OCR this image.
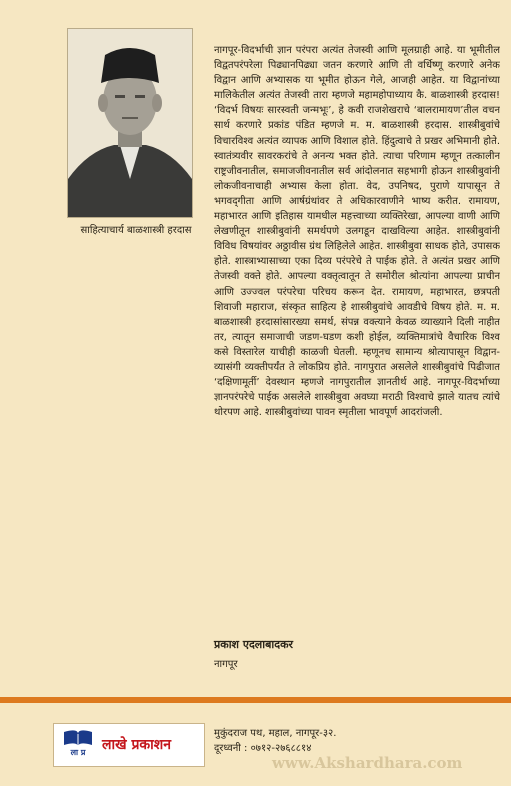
साहित्याचार्य बाळशास्त्री हरदास
नागपूर-विदर्भाची ज्ञान परंपरा अत्यंत तेजस्वी आणि मूलग्राही आहे. या भूमीतील विद्वतपरंपरेला पिढ्यानपिढ्या जतन करणारे आणि ती वर्धिष्णू करणारे अनेक विद्वान आणि अभ्यासक या भूमीत होऊन गेले, आजही आहेत. या विद्वानांच्या मालिकेतील अत्यंत तेजस्वी तारा म्हणजे महामहोपाध्याय कै. बाळशास्त्री हरदास! ‘विदर्भ विषयः सारस्वती जन्मभूः’, हे कवी राजशेखराचे ‘बालरामायण’तील वचन सार्थ करणारे प्रकांड पंडित म्हणजे म. म. बाळशास्त्री हरदास. शास्त्रीबुवांचे विचारविश्व अत्यंत व्यापक आणि विशाल होते. हिंदुत्वाचे ते प्रखर अभिमानी होते. स्वातंत्र्यवीर सावरकरांचे ते अनन्य भक्त होते. त्याचा परिणाम म्हणून तत्कालीन राष्ट्रजीवनातील, समाजजीवनातील सर्व आंदोलनात सहभागी होऊन शास्त्रीबुवांनी लोकजीवनाचाही अभ्यास केला होता. वेद, उपनिषद, पुराणे यापासून ते भगवद्‌गीता आणि आर्षग्रंथांवर ते अधिकारवाणीने भाष्य करीत. रामायण, महाभारत आणि इतिहास यामधील महत्त्वाच्या व्यक्तिरेखा, आपल्या वाणी आणि लेखणीतून शास्त्रीबुवांनी समर्थपणे उलगडून दाखविल्या आहेत. शास्त्रीबुवांनी विविध विषयांवर अठ्ठावीस ग्रंथ लिहिलेले आहेत. शास्त्रीबुवा साधक होते, उपासक होते. शास्त्राभ्यासाच्या एका दिव्य परंपरेचे ते पाईक होते. ते अत्यंत प्रखर आणि तेजस्वी वक्ते होते. आपल्या वक्तृत्वातून ते समोरील श्रोत्यांना आपल्या प्राचीन आणि उज्ज्वल परंपरेचा परिचय करून देत. रामायण, महाभारत, छत्रपती शिवाजी महाराज, संस्कृत साहित्य हे शास्त्रीबुवांचे आवडीचे विषय होते. म. म. बाळशास्त्री हरदासांसारख्या समर्थ, संपन्न वक्त्याने केवळ व्याख्याने दिली नाहीत तर, त्यातून समाजाची जडण-घडण कशी होईल, व्यक्तिमात्रांचे वैचारिक विश्व कसे विस्तारेल याचीही काळजी घेतली. म्हणूनच सामान्य श्रोत्यापासून विद्वान-व्यासंगी व्यक्तीपर्यंत ते लोकप्रिय होते. नागपुरात असलेले शास्त्रीबुवांचे पिढीजात ‘दक्षिणामूर्ती’ देवस्थान म्हणजे नागपुरातील ज्ञानतीर्थ आहे. नागपूर-विदर्भाच्या ज्ञानपरंपरेचे पाईक असलेले शास्त्रीबुवा अवघ्या मराठी विश्‍वाचे झाले यातच त्यांचे थोरपण आहे. शास्त्रीबुवांच्या पावन स्मृतीला भावपूर्ण आदरांजली.
प्रकाश एदलाबादकर
नागपूर
ला प्र	लाखे प्रकाशन
मुकुंदराज पथ, महाल, नागपूर-३२.
दूरध्वनी : ०७१२-२७६८८१४
www.Akshardhara.com
